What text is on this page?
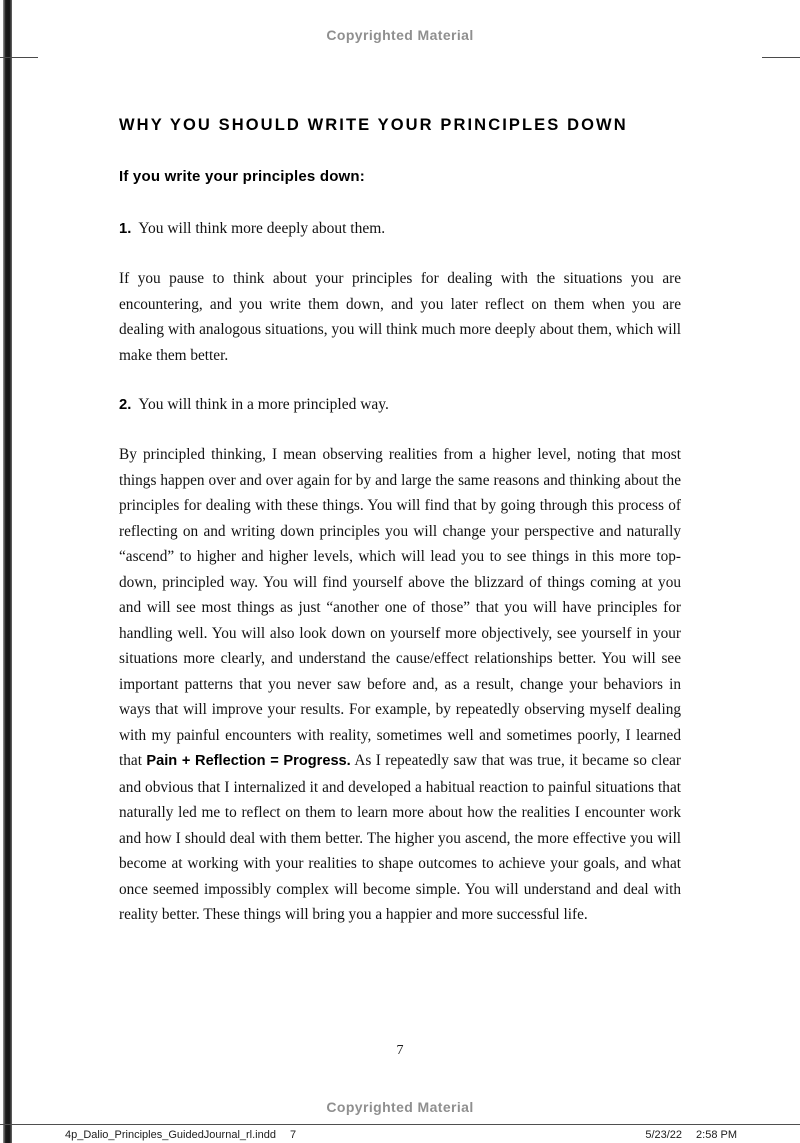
Copyrighted Material
WHY YOU SHOULD WRITE YOUR PRINCIPLES DOWN

If you write your principles down:

1. You will think more deeply about them.

If you pause to think about your principles for dealing with the situations you are encountering, and you write them down, and you later reflect on them when you are dealing with analogous situations, you will think much more deeply about them, which will make them better.

2. You will think in a more principled way.

By principled thinking, I mean observing realities from a higher level, noting that most things happen over and over again for by and large the same reasons and thinking about the principles for dealing with these things. You will find that by going through this process of reflecting on and writing down principles you will change your perspective and naturally “ascend” to higher and higher levels, which will lead you to see things in this more top-down, principled way. You will find yourself above the blizzard of things coming at you and will see most things as just “another one of those” that you will have principles for handling well. You will also look down on yourself more objectively, see yourself in your situations more clearly, and understand the cause/effect relationships better. You will see important patterns that you never saw before and, as a result, change your behaviors in ways that will improve your results. For example, by repeatedly observing myself dealing with my painful encounters with reality, sometimes well and sometimes poorly, I learned that Pain + Reflection = Progress. As I repeatedly saw that was true, it became so clear and obvious that I internalized it and developed a habitual reaction to painful situations that naturally led me to reflect on them to learn more about how the realities I encounter work and how I should deal with them better. The higher you ascend, the more effective you will become at working with your realities to shape outcomes to achieve your goals, and what once seemed impossibly complex will become simple. You will understand and deal with reality better. These things will bring you a happier and more successful life.

7
Copyrighted Material
4p_Dalio_Principles_GuidedJournal_rl.indd 7	5/23/22 2:58 PM
